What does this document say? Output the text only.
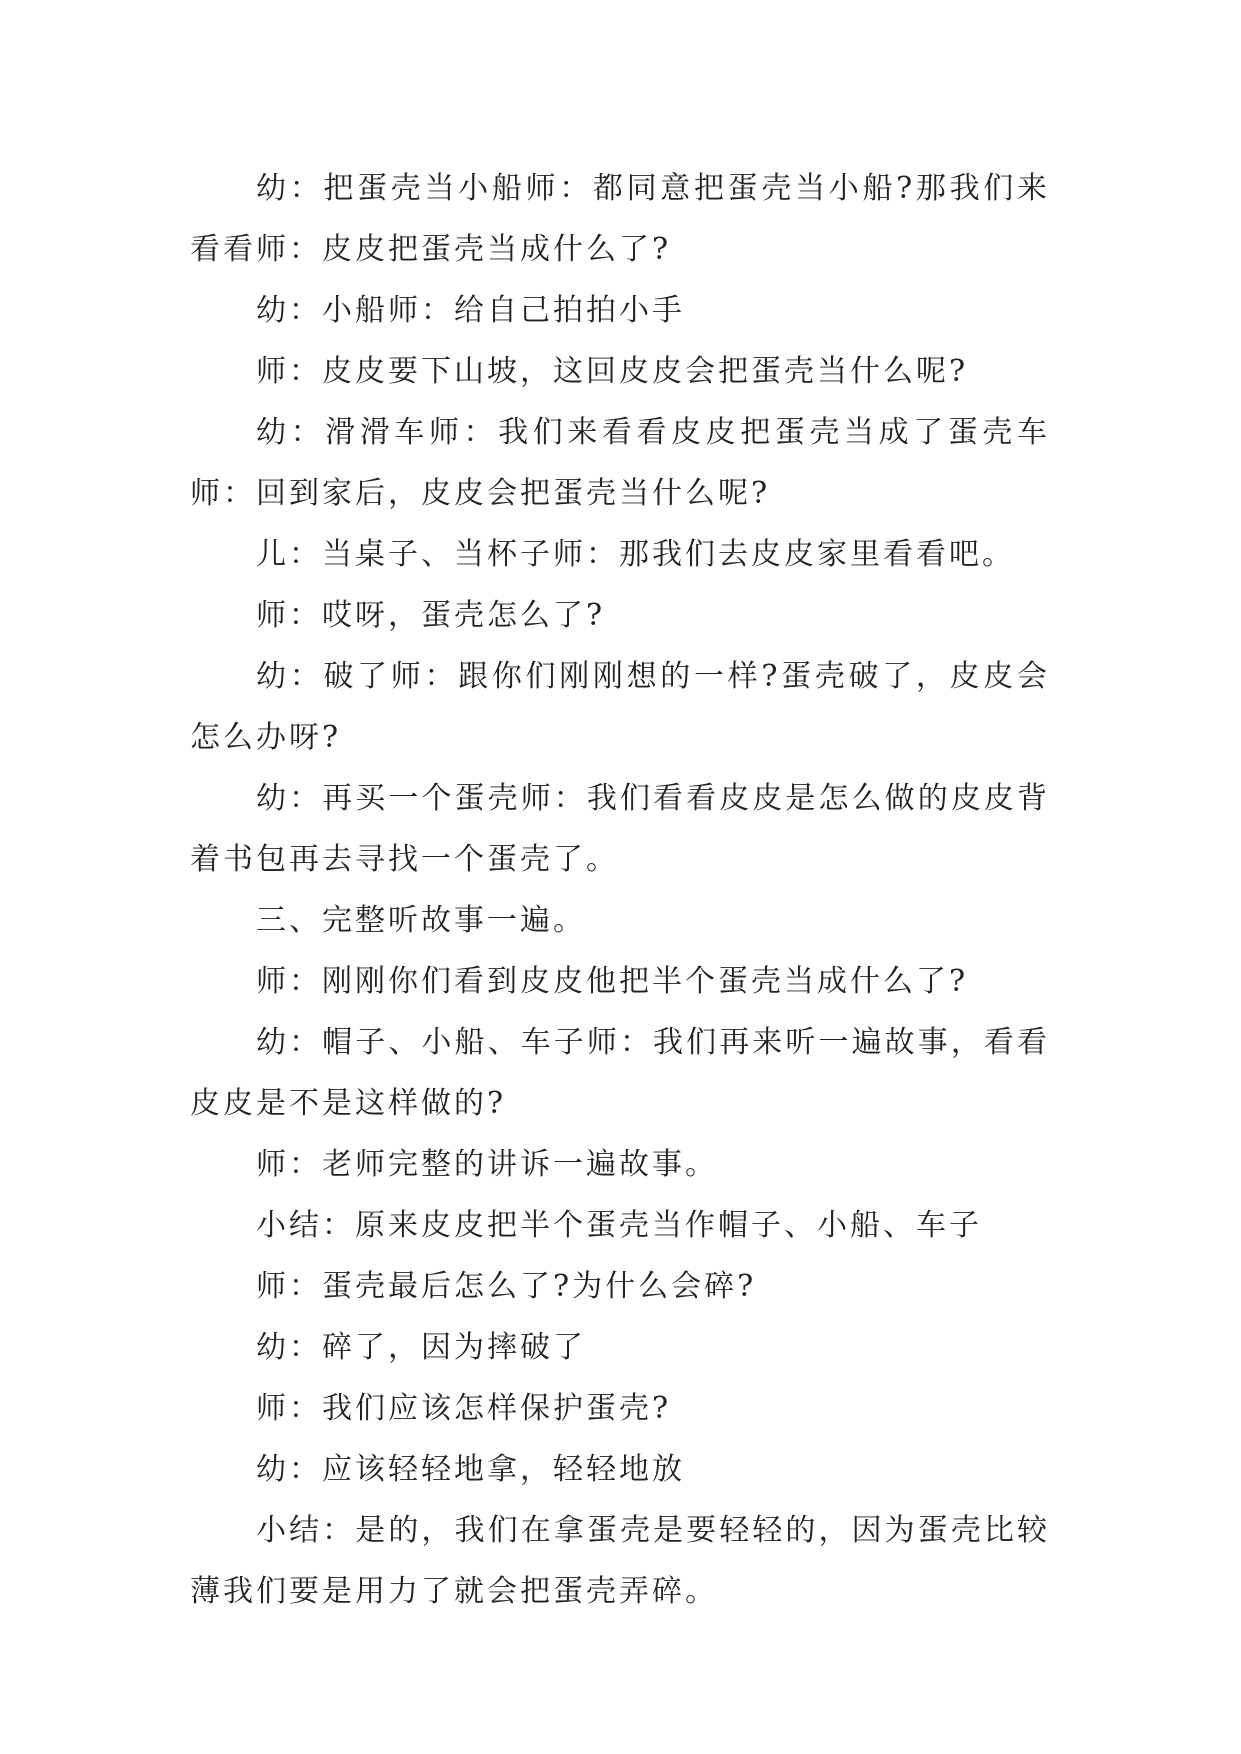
幼：把蛋壳当小船师：都同意把蛋壳当小船?那我们来看看师：皮皮把蛋壳当成什么了?

幼：小船师：给自己拍拍小手

师：皮皮要下山坡，这回皮皮会把蛋壳当什么呢?

幼：滑滑车师：我们来看看皮皮把蛋壳当成了蛋壳车师：回到家后，皮皮会把蛋壳当什么呢?

儿：当桌子、当杯子师：那我们去皮皮家里看看吧。

师：哎呀，蛋壳怎么了?

幼：破了师：跟你们刚刚想的一样?蛋壳破了，皮皮会怎么办呀?

幼：再买一个蛋壳师：我们看看皮皮是怎么做的皮皮背着书包再去寻找一个蛋壳了。

三、完整听故事一遍。

师：刚刚你们看到皮皮他把半个蛋壳当成什么了?

幼：帽子、小船、车子师：我们再来听一遍故事，看看皮皮是不是这样做的?

师：老师完整的讲诉一遍故事。

小结：原来皮皮把半个蛋壳当作帽子、小船、车子

师：蛋壳最后怎么了?为什么会碎?

幼：碎了，因为摔破了

师：我们应该怎样保护蛋壳?

幼：应该轻轻地拿，轻轻地放

小结：是的，我们在拿蛋壳是要轻轻的，因为蛋壳比较薄我们要是用力了就会把蛋壳弄碎。
